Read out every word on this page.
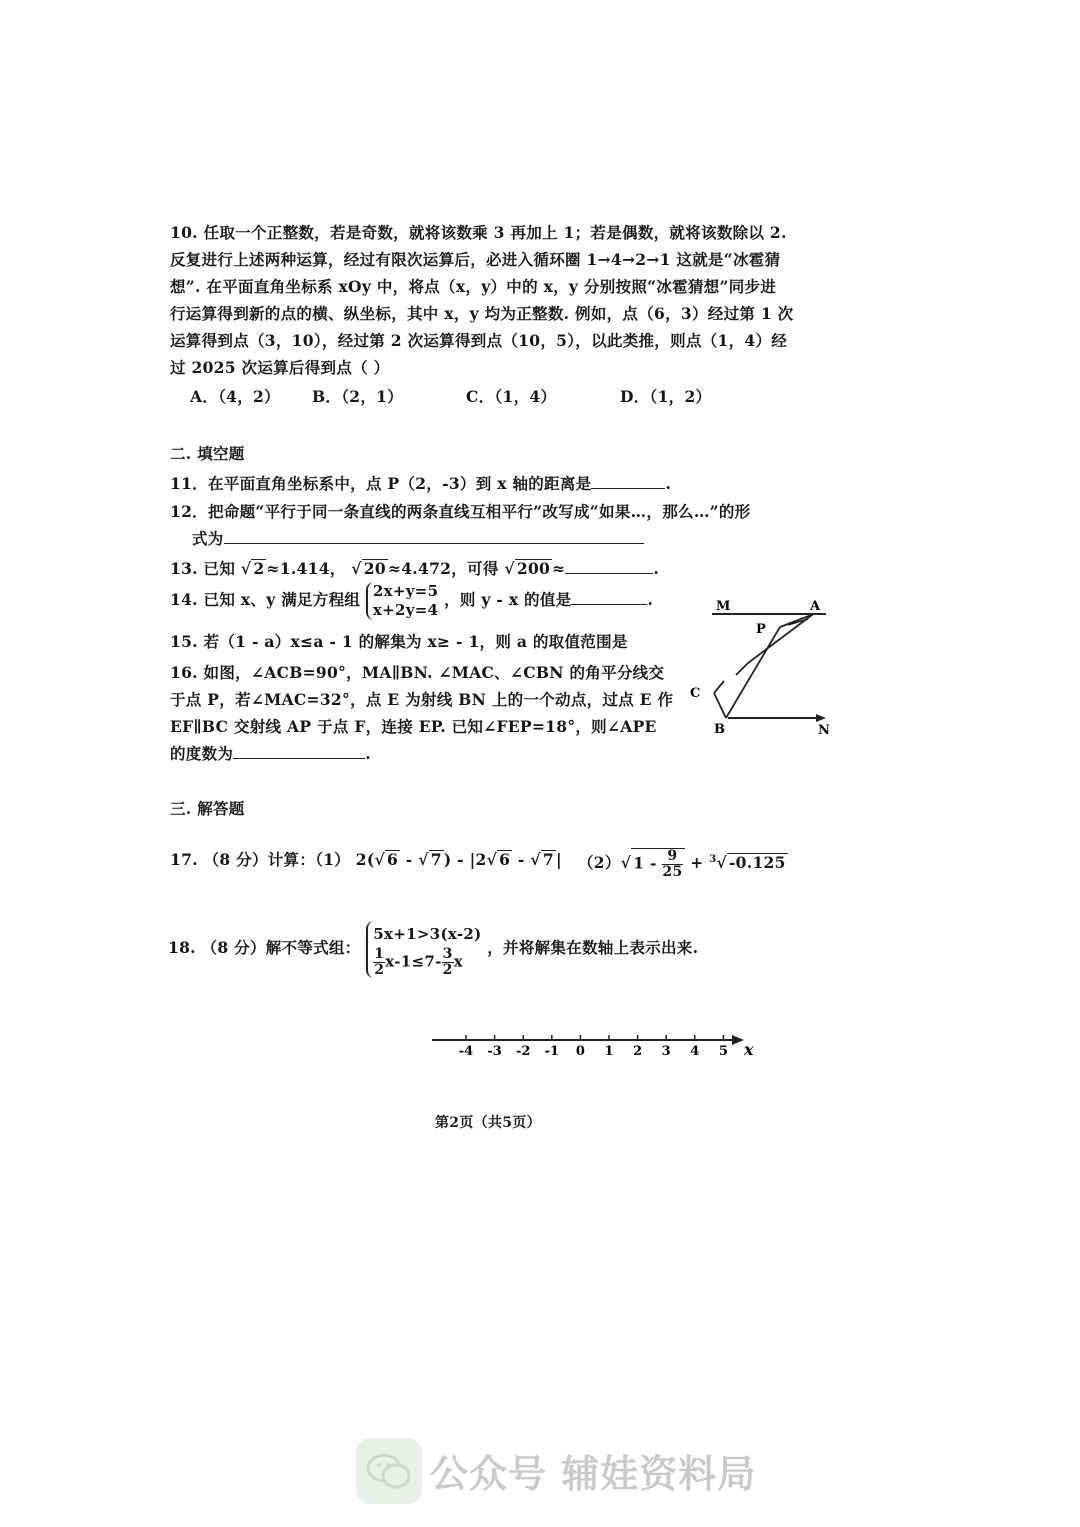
10. 任取一个正整数，若是奇数，就将该数乘 3 再加上 1；若是偶数，就将该数除以 2.
反复进行上述两种运算，经过有限次运算后，必进入循环圈 1→4→2→1 这就是“冰雹猜
想”. 在平面直角坐标系 xOy 中，将点（x，y）中的 x，y 分别按照“冰雹猜想”同步进
行运算得到新的点的横、纵坐标，其中 x，y 均为正整数. 例如，点（6，3）经过第 1 次
运算得到点（3，10），经过第 2 次运算得到点（10，5），以此类推，则点（1，4）经
过 2025 次运算后得到点（ ）
A．（4，2） B．（2，1）	C．（1，4）	D．（1，2）
二. 填空题
11．在平面直角坐标系中，点 P（2，-3）到 x 轴的距离是	.
12．把命题“平行于同一条直线的两条直线互相平行”改写成“如果…，那么…”的形
式为
13. 已知 √ 2 ≈1.414， √ 20 ≈4.472，可得 √ 200 ≈	.
14. 已知 x、y 满足方程组 2x+y=5
x+2y=4
，则 y - x 的值是	.
15. 若（1 - a）x≤a - 1 的解集为 x≥ - 1，则 a 的取值范围是
16. 如图，∠ACB=90°，MA∥BN. ∠MAC、∠CBN 的角平分线交
于点 P，若∠MAC=32°，点 E 为射线 BN 上的一个动点，过点 E 作
EF∥BC 交射线 AP 于点 F，连接 EP. 已知∠FEP=18°，则∠APE
的度数为	.
M	A
P
C
B	N
三. 解答题
17. （8 分）计算：（1） 2(√ 6 - √ 7 ) - |2√ 6 - √ 7 | （2）√ $1 - \frac{9}{25} + ^3√$ -0.125
18. （8 分）解不等式组：
5x+1>3(x-2)
$\frac{1}{2} x-1\le 7- \frac{3}{2}$ x
，并将解集在数轴上表示出来.
-4 -3 -2 -1 0 1 2 3 4 5 x
第2页（共5页）
公众号 辅娃资料局
